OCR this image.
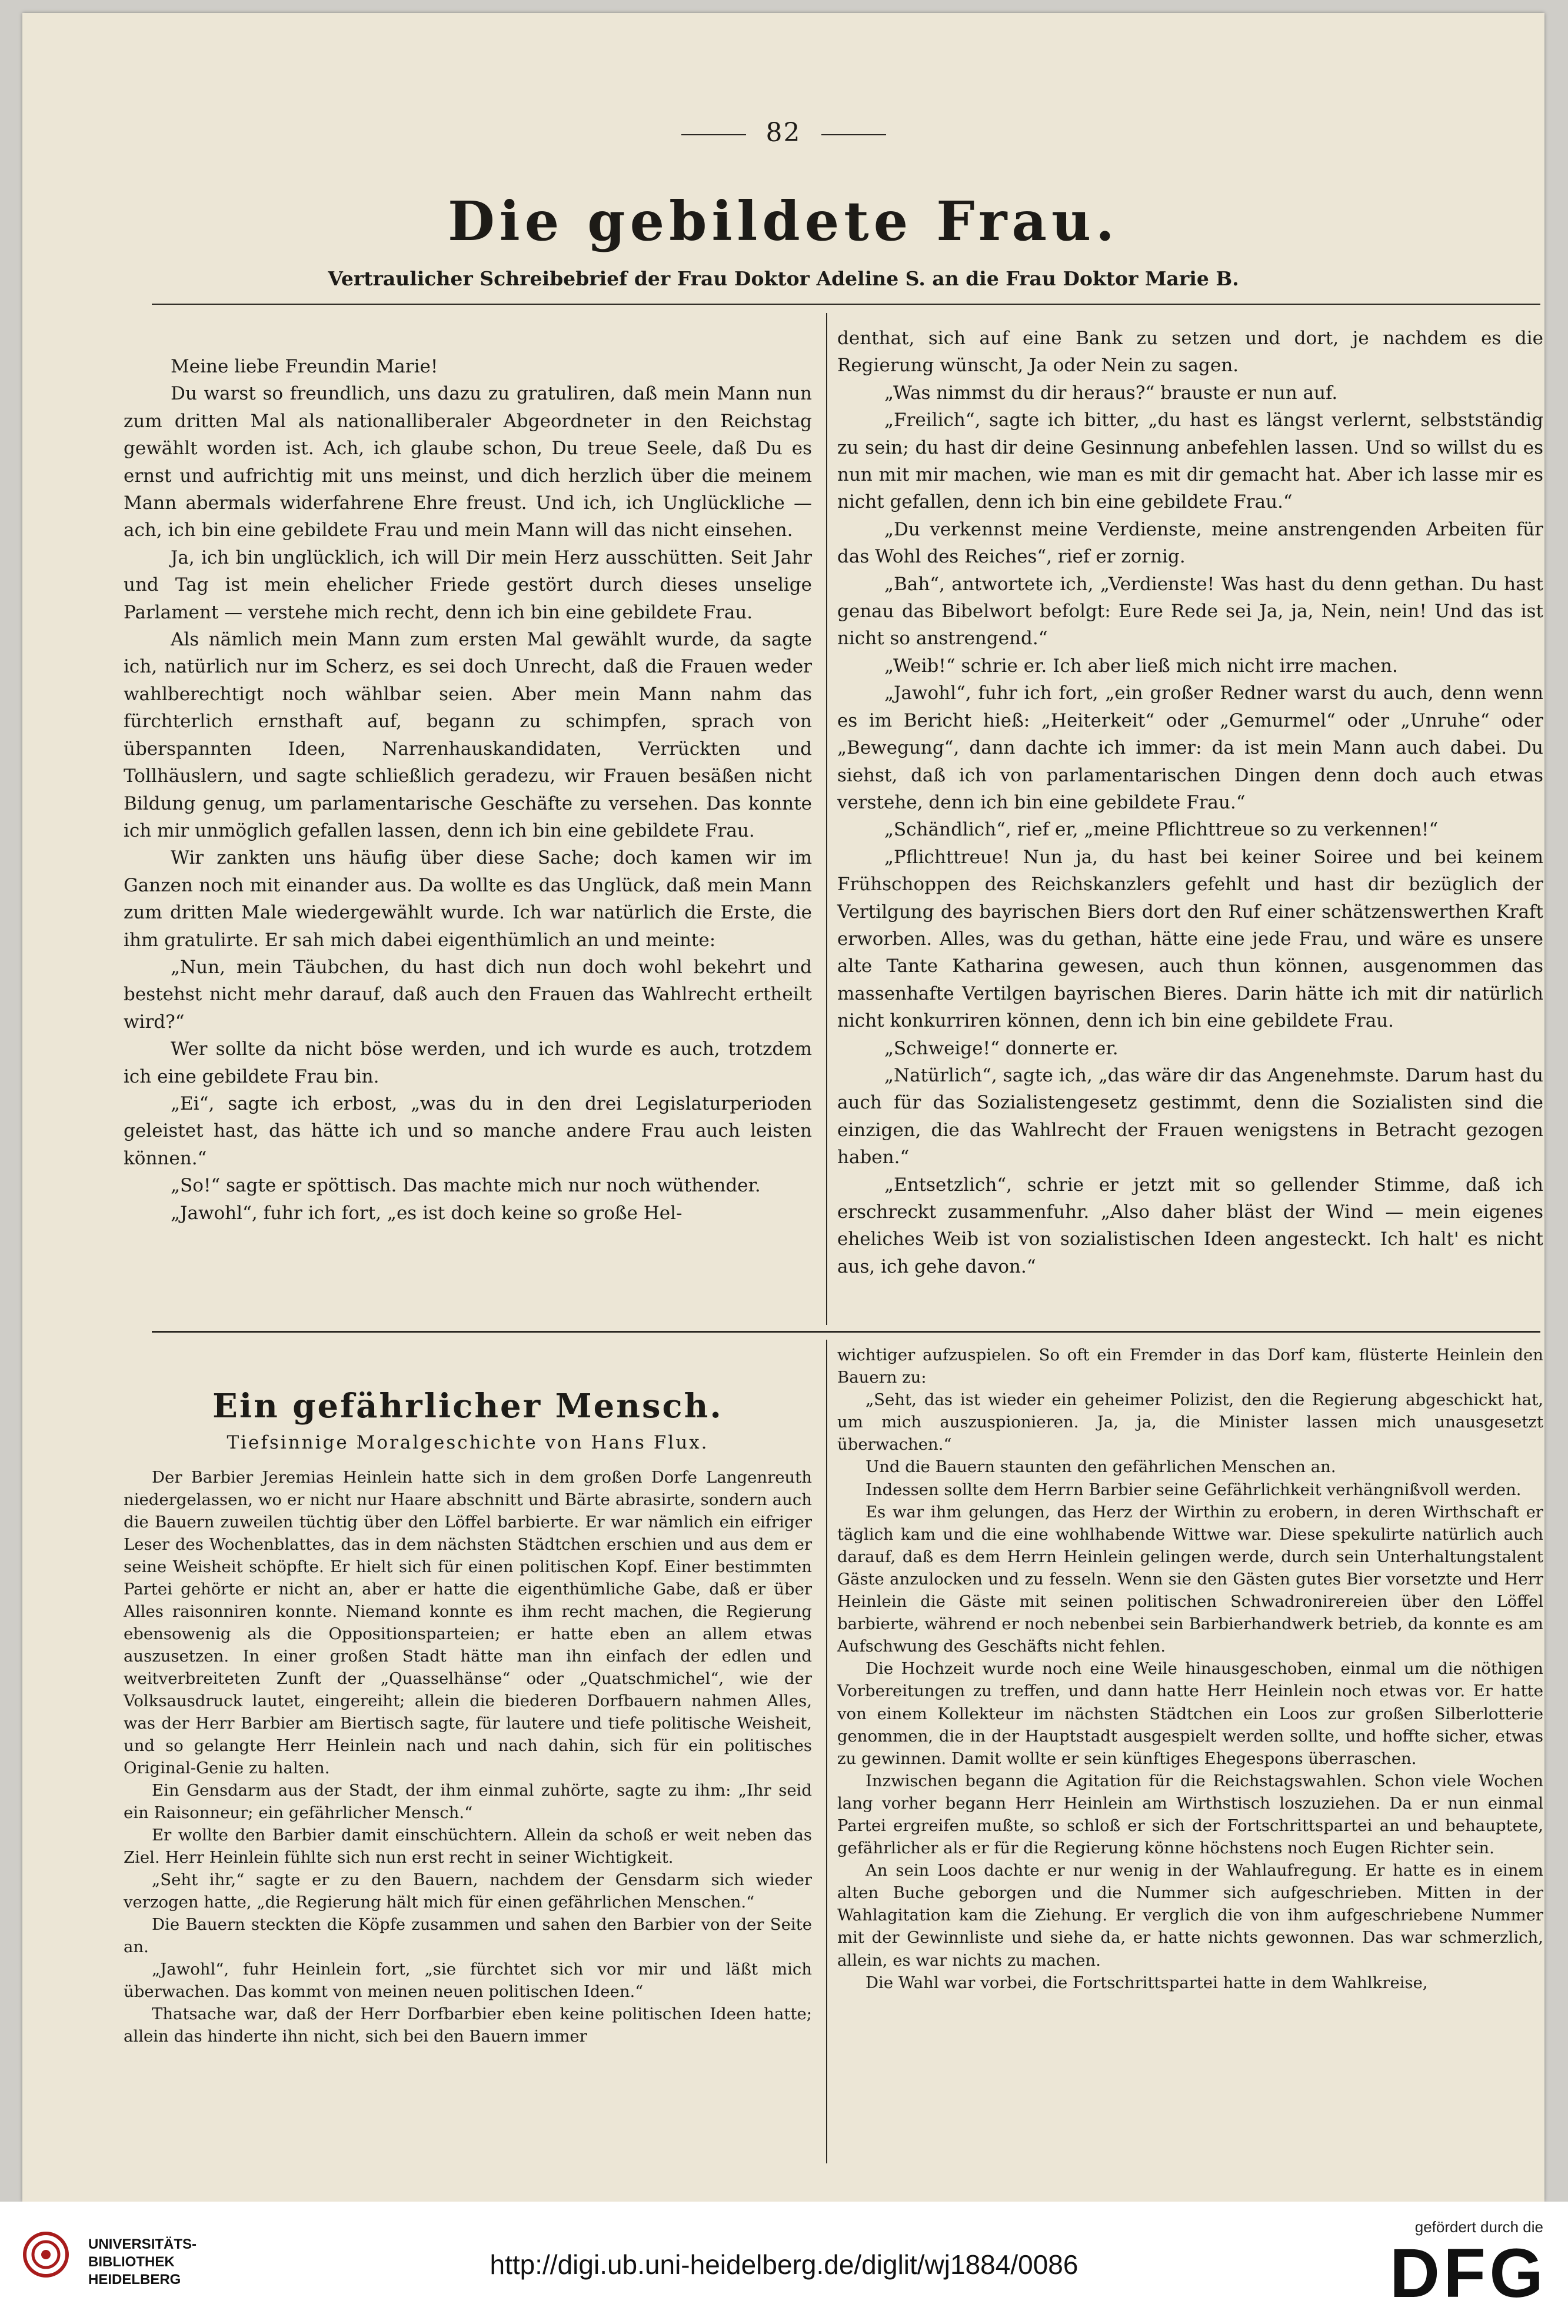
82
Die gebildete Frau.
Vertraulicher Schreibebrief der Frau Doktor Adeline S. an die Frau Doktor Marie B.

Meine liebe Freundin Marie!

Du warst so freundlich, uns dazu zu gratuliren, daß mein Mann nun zum dritten Mal als nationalliberaler Abgeordneter in den Reichstag gewählt worden ist. Ach, ich glaube schon, Du treue Seele, daß Du es ernst und aufrichtig mit uns meinst, und dich herzlich über die meinem Mann abermals widerfahrene Ehre freust. Und ich, ich Unglückliche — ach, ich bin eine gebildete Frau und mein Mann will das nicht einsehen.

Ja, ich bin unglücklich, ich will Dir mein Herz ausschütten. Seit Jahr und Tag ist mein ehelicher Friede gestört durch dieses unselige Parlament — verstehe mich recht, denn ich bin eine gebildete Frau.

Als nämlich mein Mann zum ersten Mal gewählt wurde, da sagte ich, natürlich nur im Scherz, es sei doch Unrecht, daß die Frauen weder wahlberechtigt noch wählbar seien. Aber mein Mann nahm das fürchterlich ernsthaft auf, begann zu schimpfen, sprach von überspannten Ideen, Narrenhauskandidaten, Verrückten und Tollhäuslern, und sagte schließlich geradezu, wir Frauen besäßen nicht Bildung genug, um parlamentarische Geschäfte zu versehen. Das konnte ich mir unmöglich gefallen lassen, denn ich bin eine gebildete Frau.

Wir zankten uns häufig über diese Sache; doch kamen wir im Ganzen noch mit einander aus. Da wollte es das Unglück, daß mein Mann zum dritten Male wiedergewählt wurde. Ich war natürlich die Erste, die ihm gratulirte. Er sah mich dabei eigenthümlich an und meinte:

„Nun, mein Täubchen, du hast dich nun doch wohl bekehrt und bestehst nicht mehr darauf, daß auch den Frauen das Wahlrecht ertheilt wird?“

Wer sollte da nicht böse werden, und ich wurde es auch, trotzdem ich eine gebildete Frau bin.

„Ei“, sagte ich erbost, „was du in den drei Legislaturperioden geleistet hast, das hätte ich und so manche andere Frau auch leisten können.“

„So!“ sagte er spöttisch. Das machte mich nur noch wüthender.

„Jawohl“, fuhr ich fort, „es ist doch keine so große Hel-

denthat, sich auf eine Bank zu setzen und dort, je nachdem es die Regierung wünscht, Ja oder Nein zu sagen.

„Was nimmst du dir heraus?“ brauste er nun auf.

„Freilich“, sagte ich bitter, „du hast es längst verlernt, selbstständig zu sein; du hast dir deine Gesinnung anbefehlen lassen. Und so willst du es nun mit mir machen, wie man es mit dir gemacht hat. Aber ich lasse mir es nicht gefallen, denn ich bin eine gebildete Frau.“

„Du verkennst meine Verdienste, meine anstrengenden Arbeiten für das Wohl des Reiches“, rief er zornig.

„Bah“, antwortete ich, „Verdienste! Was hast du denn gethan. Du hast genau das Bibelwort befolgt: Eure Rede sei Ja, ja, Nein, nein! Und das ist nicht so anstrengend.“

„Weib!“ schrie er. Ich aber ließ mich nicht irre machen.

„Jawohl“, fuhr ich fort, „ein großer Redner warst du auch, denn wenn es im Bericht hieß: „Heiterkeit“ oder „Gemurmel“ oder „Unruhe“ oder „Bewegung“, dann dachte ich immer: da ist mein Mann auch dabei. Du siehst, daß ich von parlamentarischen Dingen denn doch auch etwas verstehe, denn ich bin eine gebildete Frau.“

„Schändlich“, rief er, „meine Pflichttreue so zu verkennen!“

„Pflichttreue! Nun ja, du hast bei keiner Soiree und bei keinem Frühschoppen des Reichskanzlers gefehlt und hast dir bezüglich der Vertilgung des bayrischen Biers dort den Ruf einer schätzenswerthen Kraft erworben. Alles, was du gethan, hätte eine jede Frau, und wäre es unsere alte Tante Katharina gewesen, auch thun können, ausgenommen das massenhafte Vertilgen bayrischen Bieres. Darin hätte ich mit dir natürlich nicht konkurriren können, denn ich bin eine gebildete Frau.

„Schweige!“ donnerte er.

„Natürlich“, sagte ich, „das wäre dir das Angenehmste. Darum hast du auch für das Sozialistengesetz gestimmt, denn die Sozialisten sind die einzigen, die das Wahlrecht der Frauen wenigstens in Betracht gezogen haben.“

„Entsetzlich“, schrie er jetzt mit so gellender Stimme, daß ich erschreckt zusammenfuhr. „Also daher bläst der Wind — mein eigenes eheliches Weib ist von sozialistischen Ideen angesteckt. Ich halt' es nicht aus, ich gehe davon.“

Ein gefährlicher Mensch.
Tiefsinnige Moralgeschichte von Hans Flux.

Der Barbier Jeremias Heinlein hatte sich in dem großen Dorfe Langenreuth niedergelassen, wo er nicht nur Haare abschnitt und Bärte abrasirte, sondern auch die Bauern zuweilen tüchtig über den Löffel barbierte. Er war nämlich ein eifriger Leser des Wochenblattes, das in dem nächsten Städtchen erschien und aus dem er seine Weisheit schöpfte. Er hielt sich für einen politischen Kopf. Einer bestimmten Partei gehörte er nicht an, aber er hatte die eigenthümliche Gabe, daß er über Alles raisonniren konnte. Niemand konnte es ihm recht machen, die Regierung ebensowenig als die Oppositionsparteien; er hatte eben an allem etwas auszusetzen. In einer großen Stadt hätte man ihn einfach der edlen und weitverbreiteten Zunft der „Quasselhänse“ oder „Quatschmichel“, wie der Volksausdruck lautet, eingereiht; allein die biederen Dorfbauern nahmen Alles, was der Herr Barbier am Biertisch sagte, für lautere und tiefe politische Weisheit, und so gelangte Herr Heinlein nach und nach dahin, sich für ein politisches Original-Genie zu halten.

Ein Gensdarm aus der Stadt, der ihm einmal zuhörte, sagte zu ihm: „Ihr seid ein Raisonneur; ein gefährlicher Mensch.“

Er wollte den Barbier damit einschüchtern. Allein da schoß er weit neben das Ziel. Herr Heinlein fühlte sich nun erst recht in seiner Wichtigkeit.

„Seht ihr,“ sagte er zu den Bauern, nachdem der Gensdarm sich wieder verzogen hatte, „die Regierung hält mich für einen gefährlichen Menschen.“

Die Bauern steckten die Köpfe zusammen und sahen den Barbier von der Seite an.

„Jawohl“, fuhr Heinlein fort, „sie fürchtet sich vor mir und läßt mich überwachen. Das kommt von meinen neuen politischen Ideen.“

Thatsache war, daß der Herr Dorfbarbier eben keine politischen Ideen hatte; allein das hinderte ihn nicht, sich bei den Bauern immer

wichtiger aufzuspielen. So oft ein Fremder in das Dorf kam, flüsterte Heinlein den Bauern zu:

„Seht, das ist wieder ein geheimer Polizist, den die Regierung abgeschickt hat, um mich auszuspionieren. Ja, ja, die Minister lassen mich unausgesetzt überwachen.“

Und die Bauern staunten den gefährlichen Menschen an.

Indessen sollte dem Herrn Barbier seine Gefährlichkeit verhängnißvoll werden.

Es war ihm gelungen, das Herz der Wirthin zu erobern, in deren Wirthschaft er täglich kam und die eine wohlhabende Wittwe war. Diese spekulirte natürlich auch darauf, daß es dem Herrn Heinlein gelingen werde, durch sein Unterhaltungstalent Gäste anzulocken und zu fesseln. Wenn sie den Gästen gutes Bier vorsetzte und Herr Heinlein die Gäste mit seinen politischen Schwadronirereien über den Löffel barbierte, während er noch nebenbei sein Barbierhandwerk betrieb, da konnte es am Aufschwung des Geschäfts nicht fehlen.

Die Hochzeit wurde noch eine Weile hinausgeschoben, einmal um die nöthigen Vorbereitungen zu treffen, und dann hatte Herr Heinlein noch etwas vor. Er hatte von einem Kollekteur im nächsten Städtchen ein Loos zur großen Silberlotterie genommen, die in der Hauptstadt ausgespielt werden sollte, und hoffte sicher, etwas zu gewinnen. Damit wollte er sein künftiges Ehegespons überraschen.

Inzwischen begann die Agitation für die Reichstagswahlen. Schon viele Wochen lang vorher begann Herr Heinlein am Wirthstisch loszuziehen. Da er nun einmal Partei ergreifen mußte, so schloß er sich der Fortschrittspartei an und behauptete, gefährlicher als er für die Regierung könne höchstens noch Eugen Richter sein.

An sein Loos dachte er nur wenig in der Wahlaufregung. Er hatte es in einem alten Buche geborgen und die Nummer sich aufgeschrieben. Mitten in der Wahlagitation kam die Ziehung. Er verglich die von ihm aufgeschriebene Nummer mit der Gewinnliste und siehe da, er hatte nichts gewonnen. Das war schmerzlich, allein, es war nichts zu machen.

Die Wahl war vorbei, die Fortschrittspartei hatte in dem Wahlkreise,

UNIVERSITÄTS-
BIBLIOTHEK
HEIDELBERG	http://digi.ub.uni-heidelberg.de/diglit/wj1884/0086
gefördert durch die
DFG
